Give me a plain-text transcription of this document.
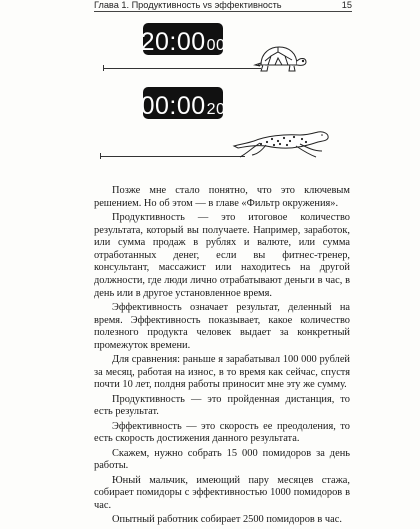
Глава 1. Продуктивность vs эффективность	15
20:00 00
00:00 20

Позже мне стало понятно, что это ключевым решением. Но об этом — в главе «Фильтр окружения».

Продуктивность — это итоговое количество результата, который вы получаете. Например, заработок, или сумма продаж в рублях и валюте, или сумма отработанных денег, если вы фитнес-тренер, консультант, массажист или находитесь на другой должности, где люди лично отрабатывают деньги в час, в день или в другое установленное время.

Эффективность означает результат, деленный на время. Эффективность показывает, какое количество полезного продукта человек выдает за конкретный промежуток времени.

Для сравнения: раньше я зарабатывал 100 000 рублей за месяц, работая на износ, в то время как сейчас, спустя почти 10 лет, полдня работы приносит мне эту же сумму.

Продуктивность — это пройденная дистанция, то есть результат.

Эффективность — это скорость ее преодоления, то есть скорость достижения данного результата.

Скажем, нужно собрать 15 000 помидоров за день работы.

Юный мальчик, имеющий пару месяцев стажа, собирает помидоры с эффективностью 1000 помидоров в час.

Опытный работник собирает 2500 помидоров в час.
